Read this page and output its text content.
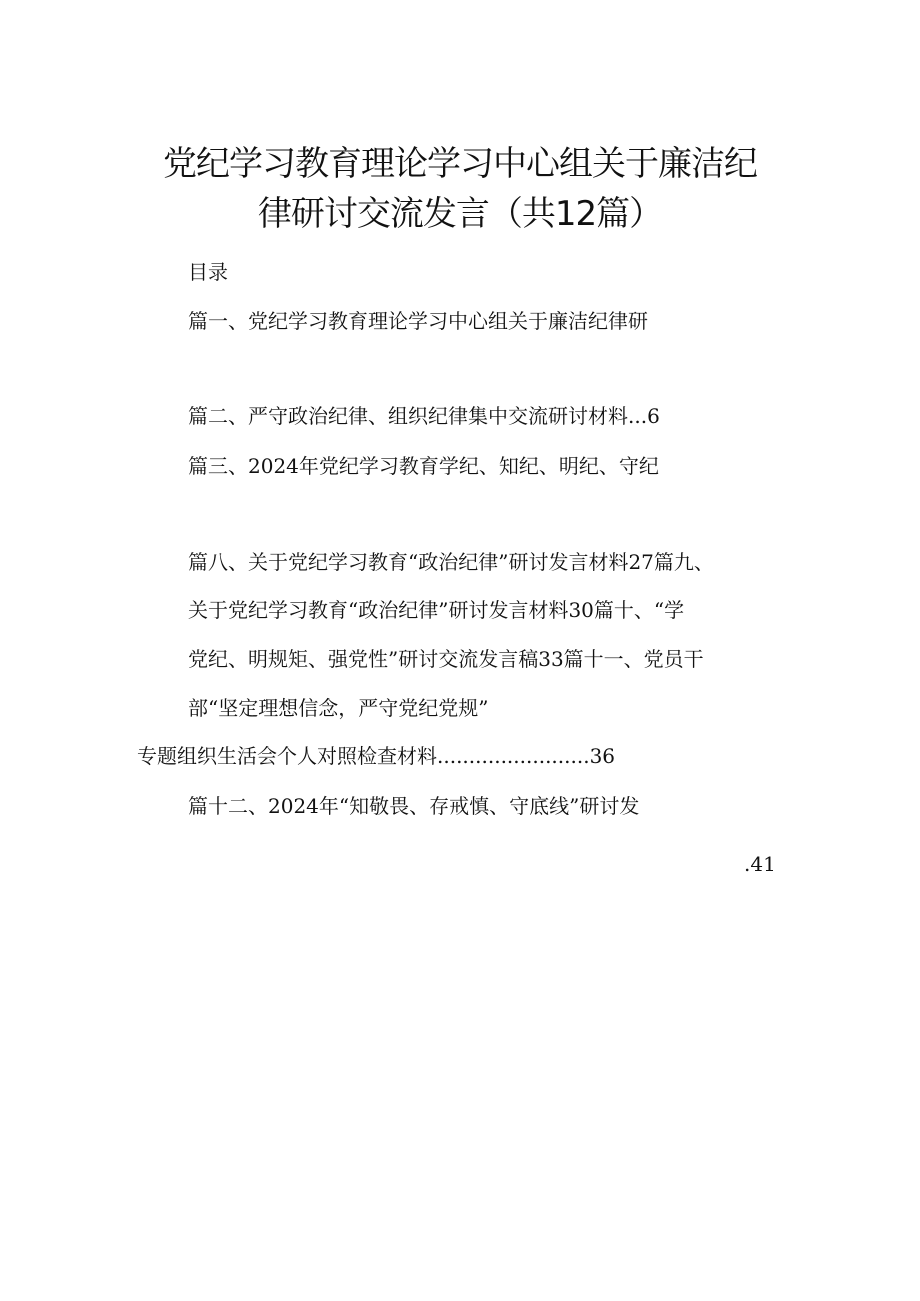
党纪学习教育理论学习中心组关于廉洁纪
律研讨交流发言（共12篇）
目录
篇一、党纪学习教育理论学习中心组关于廉洁纪律研
篇二、严守政治纪律、组织纪律集中交流研讨材料...6
篇三、2024年党纪学习教育学纪、知纪、明纪、守纪
篇八、关于党纪学习教育“政治纪律”研讨发言材料27篇九、
关于党纪学习教育“政治纪律”研讨发言材料30篇十、“学
党纪、明规矩、强党性”研讨交流发言稿33篇十一、党员干
部“坚定理想信念，严守党纪党规”
专题组织生活会个人对照检查材料........................36
篇十二、2024年“知敬畏、存戒慎、守底线”研讨发
.41
